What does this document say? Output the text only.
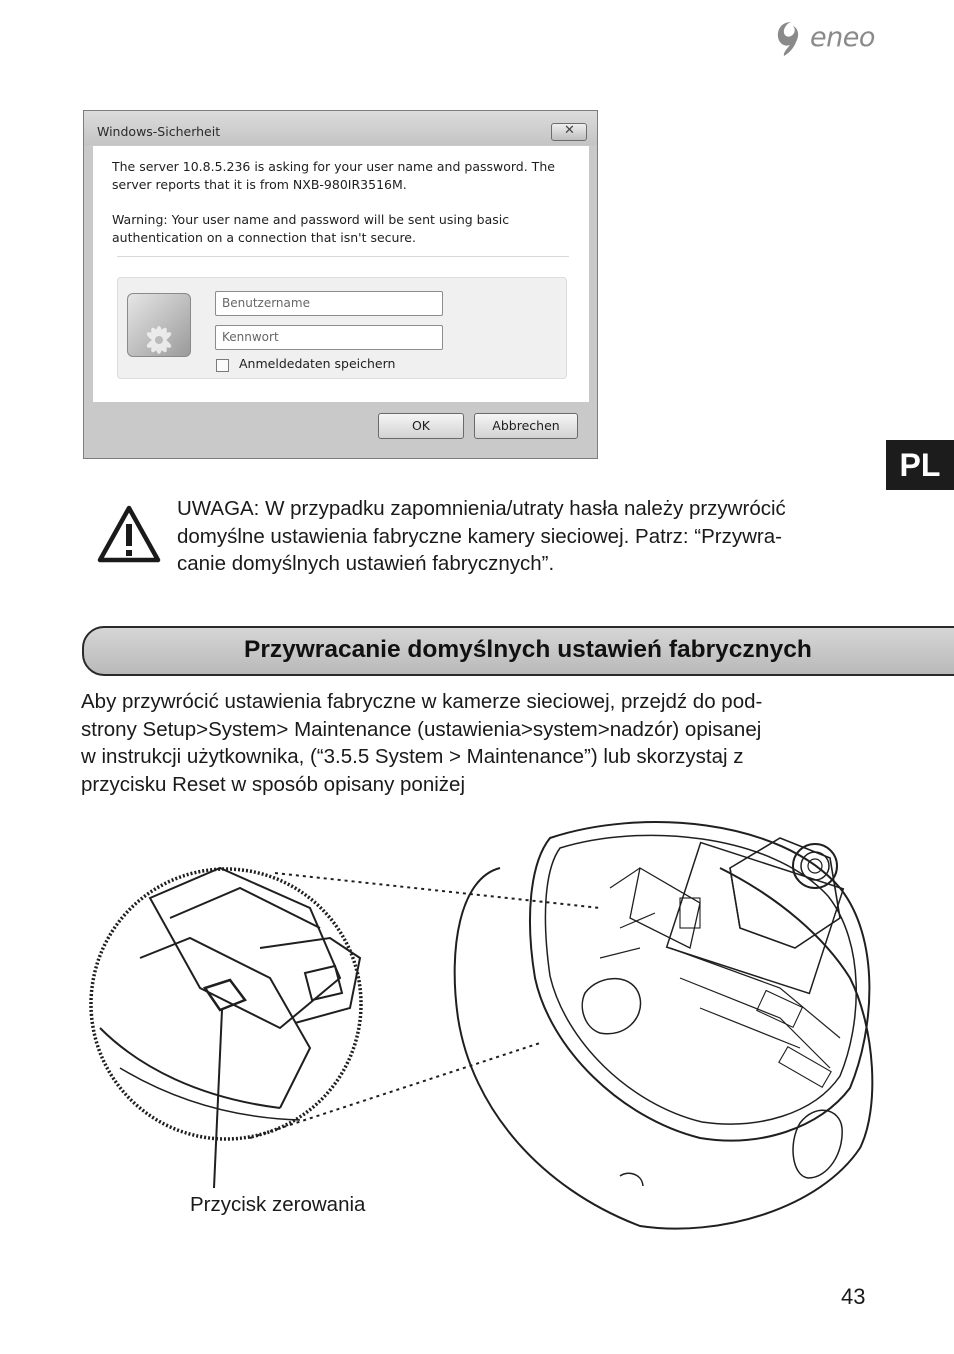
eneo
Windows-Sicherheit	✕
The server 10.8.5.236 is asking for your user name and password. The
server reports that it is from NXB-980IR3516M.
Warning: Your user name and password will be sent using basic
authentication on a connection that isn't secure.
Benutzername
Kennwort
Anmeldedaten speichern
OK	Abbrechen
PL
UWAGA: W przypadku zapomnienia/utraty hasła należy przywrócić
domyślne ustawienia fabryczne kamery sieciowej. Patrz: “Przywra-
canie domyślnych ustawień fabrycznych”.
Przywracanie domyślnych ustawień fabrycznych
Aby przywrócić ustawienia fabryczne w kamerze sieciowej, przejdź do pod-
strony Setup>System> Maintenance (ustawienia>system>nadzór) opisanej
w instrukcji użytkownika, (“3.5.5 System > Maintenance”) lub skorzystaj z
przycisku Reset w sposób opisany poniżej
Przycisk zerowania
43
